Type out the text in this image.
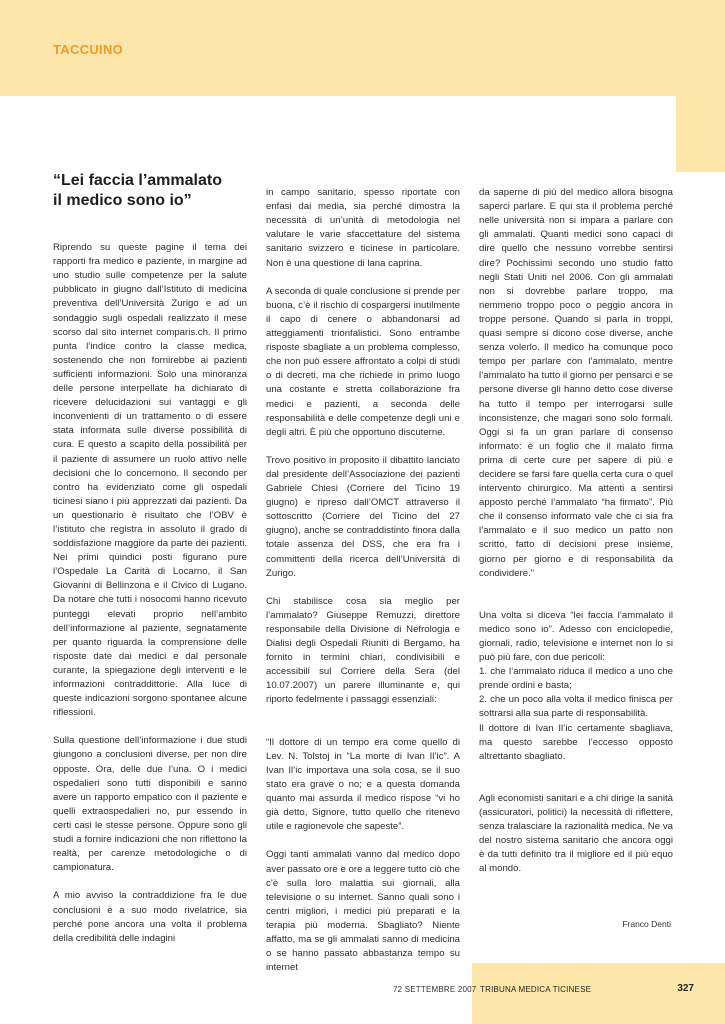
TACCUINO
“Lei faccia l’ammalato
il medico sono io”

Riprendo su queste pagine il tema dei rapporti fra medico e paziente, in margine ad uno studio sulle competenze per la salute pubblicato in giugno dall’Istituto di medicina preventiva dell’Università Zurigo e ad un sondaggio sugli ospedali realizzato il mese scorso dal sito internet comparis.ch. Il primo punta l’indice contro la classe medica, sostenendo che non fornirebbe ai pazienti sufficienti informazioni. Solo una minoranza delle persone interpellate ha dichiarato di ricevere delucidazioni sui vantaggi e gli inconvenienti di un trattamento o di essere stata informata sulle diverse possibilità di cura. E questo a scapito della possibilità per il paziente di assumere un ruolo attivo nelle decisioni che lo concernono. Il secondo per contro ha evidenziato come gli ospedali ticinesi siano i più apprezzati dai pazienti. Da un questionario è risultato che l’OBV è l’istituto che registra in assoluto il grado di soddisfazione maggiore da parte dei pazienti. Nei primi quindici posti figurano pure l’Ospedale La Carità di Locarno, il San Giovanni di Bellinzona e il Civico di Lugano. Da notare che tutti i nosocomi hanno ricevuto punteggi elevati proprio nell’ambito dell’informazione al paziente, segnatamente per quanto riguarda la comprensione delle risposte date dai medici e dal personale curante, la spiegazione degli interventi e le informazioni contraddittorie. Alla luce di queste indicazioni sorgono spontanee alcune riflessioni.

Sulla questione dell’informazione i due studi giungono a conclusioni diverse, per non dire opposte. Ora, delle due l’una. O i medici ospedalieri sono tutti disponibili e sanno avere un rapporto empatico con il paziente e quelli extraospedalieri no, pur essendo in certi casi le stesse persone. Oppure sono gli studi a fornire indicazioni che non riflettono la realtà, per carenze metodologiche o di campionatura.

A mio avviso la contraddizione fra le due conclusioni è a suo modo rivelatrice, sia perché pone ancora una volta il problema della credibilità delle indagini

in campo sanitario, spesso riportate con enfasi dai media, sia perché dimostra la necessità di un’unità di metodologia nel valutare le varie sfaccettature del sistema sanitario svizzero e ticinese in particolare. Non è una questione di lana caprina.

A seconda di quale conclusione si prende per buona, c’è il rischio di cospargersi inutilmente il capo di cenere o abbandonarsi ad atteggiamenti trionfalistici. Sono entrambe risposte sbagliate a un problema complesso, che non può essere affrontato a colpi di studi o di decreti, ma che richiede in primo luogo una costante e stretta collaborazione fra medici e pazienti, a seconda delle responsabilità e delle competenze degli uni e degli altri. È più che opportuno discuterne.

Trovo positivo in proposito il dibattito lanciato dal presidente dell’Associazione dei pazienti Gabriele Chiesi (Corriere del Ticino 19 giugno) e ripreso dall’OMCT attraverso il sottoscritto (Corriere del Ticino del 27 giugno), anche se contraddistinto finora dalla totale assenza del DSS, che era fra i committenti della ricerca dell’Università di Zurigo.

Chi stabilisce cosa sia meglio per l’ammalato? Giuseppe Remuzzi, direttore responsabile della Divisione di Nefrologia e Dialisi degli Ospedali Riuniti di Bergamo, ha fornito in termini chiari, condivisibili e accessibili sul Corriere della Sera (del 10.07.2007) un parere illuminante e, qui riporto fedelmente i passaggi essenziali:

“Il dottore di un tempo era come quello di Lev. N. Tolstoj in “La morte di Ivan Il’ic”. A Ivan Il’ic importava una sola cosa, se il suo stato era grave o no; e a questa domanda quanto mai assurda il medico rispose “vi ho già detto, Signore, tutto quello che ritenevo utile e ragionevole che sapeste”.

Oggi tanti ammalati vanno dal medico dopo aver passato ore e ore a leggere tutto ciò che c’è sulla loro malattia sui giornali, alla televisione o su internet. Sanno quali sono i centri migliori, i medici più preparati e la terapia più moderna. Sbagliato? Niente affatto, ma se gli ammalati sanno di medicina o se hanno passato abbastanza tempo su internet

da saperne di più del medico allora bisogna saperci parlare. E qui sta il problema perché nelle università non si impara a parlare con gli ammalati. Quanti medici sono capaci di dire quello che nessuno vorrebbe sentirsi dire? Pochissimi secondo uno studio fatto negli Stati Uniti nel 2006. Con gli ammalati non si dovrebbe parlare troppo, ma nemmeno troppo poco o peggio ancora in troppe persone. Quando si parla in troppi, quasi sempre si dicono cose diverse, anche senza volerlo. Il medico ha comunque poco tempo per parlare con l’ammalato, mentre l’ammalato ha tutto il giorno per pensarci e se persone diverse gli hanno detto cose diverse ha tutto il tempo per interrogarsi sulle inconsistenze, che magari sono solo formali. Oggi si fa un gran parlare di consenso informato: è un foglio che il malato firma prima di certe cure per sapere di più e decidere se farsi fare quella certa cura o quel intervento chirurgico. Ma attenti a sentirsi apposto perché l’ammalato “ha firmato”. Più che il consenso informato vale che ci sia fra l’ammalato e il suo medico un patto non scritto, fatto di decisioni prese insieme, giorno per giorno e di responsabilità da condividere.”

Una volta si diceva “lei faccia l’ammalato il medico sono io”. Adesso con enciclopedie, giornali, radio, televisione e internet non lo si può più fare, con due pericoli:
1. che l’ammalato riduca il medico a uno che prende ordini e basta;
2. che un poco alla volta il medico finisca per sottrarsi alla sua parte di responsabilità.
Il dottore di Ivan Il’ic certamente sbagliava, ma questo sarebbe l’eccesso opposto altrettanto sbagliato.

Agli economisti sanitari e a chi dirige la sanità (assicuratori, politici) la necessità di riflettere, senza tralasciare la razionalità medica. Ne va del nostro sistema sanitario che ancora oggi è da tutti definito tra il migliore ed il più equo al mondo.

Franco Denti
72 SETTEMBRE 2007 TRIBUNA MEDICA TICINESE	327
